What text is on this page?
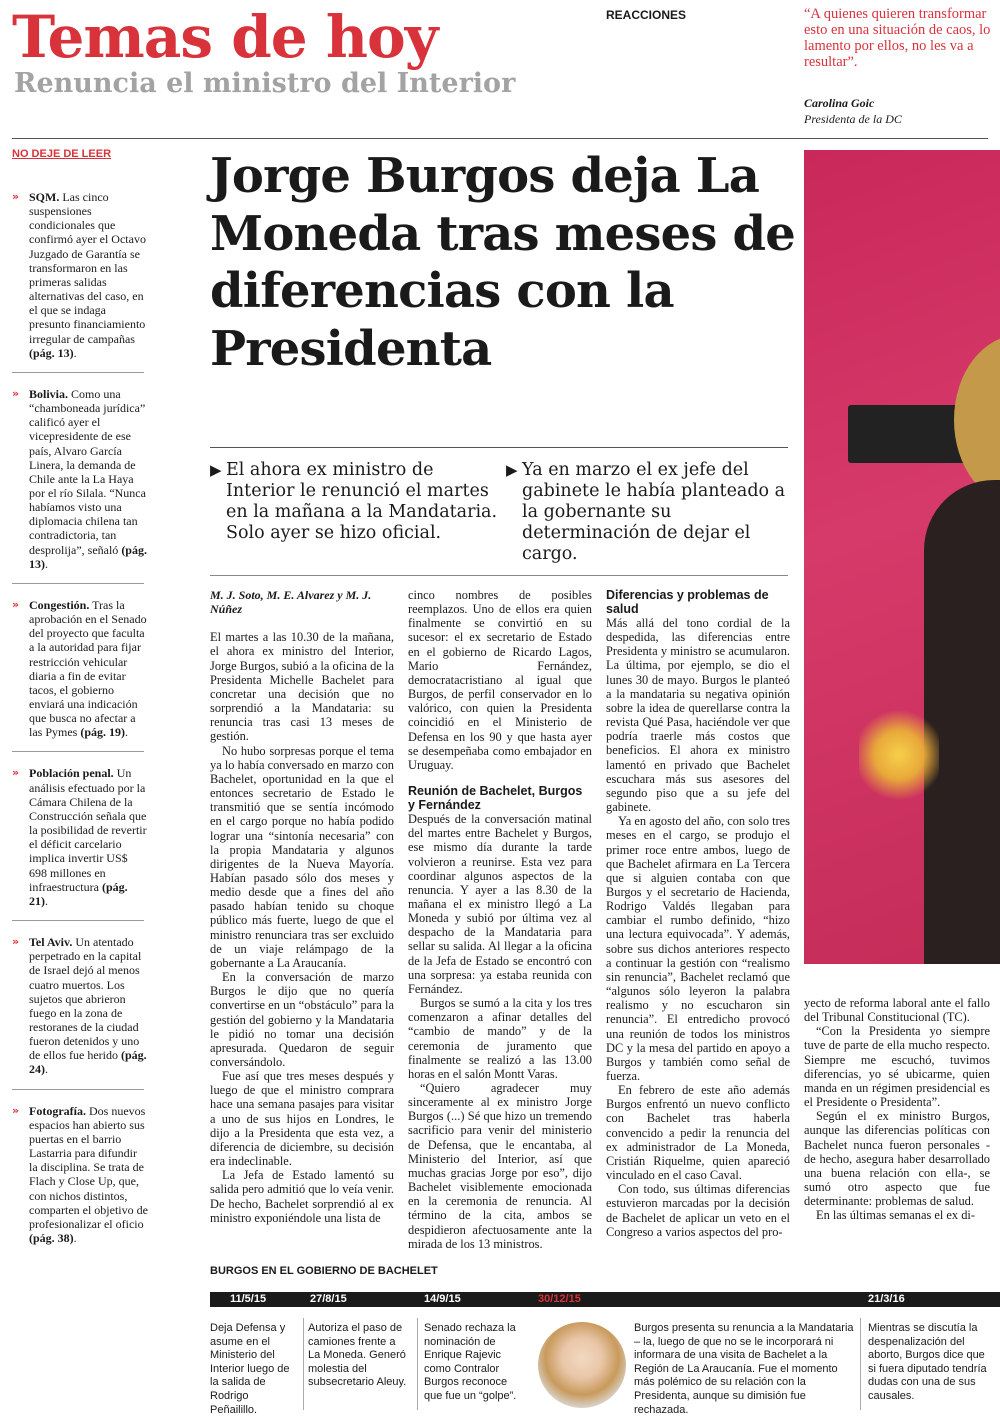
Temas de hoy
Renuncia el ministro del Interior
REACCIONES	“A quienes quieren transformar esto en una situación de caos, lo lamento por ellos, no les va a resultar”.
Carolina Goic
Presidenta de la DC
NO DEJE DE LEER
» SQM. Las cinco suspensiones condicionales que confirmó ayer el Octavo Juzgado de Garantía se transformaron en las primeras salidas alternativas del caso, en el que se indaga presunto financiamiento irregular de campañas (pág. 13).
» Bolivia. Como una “chamboneada jurídica” calificó ayer el vicepresidente de ese país, Alvaro García Linera, la demanda de Chile ante la La Haya por el río Silala. “Nunca habíamos visto una diplomacia chilena tan contradictoria, tan desprolija”, señaló (pág. 13).
» Congestión. Tras la aprobación en el Senado del proyecto que faculta a la autoridad para fijar restricción vehicular diaria a fin de evitar tacos, el gobierno enviará una indicación que busca no afectar a las Pymes (pág. 19).
» Población penal. Un análisis efectuado por la Cámara Chilena de la Construcción señala que la posibilidad de revertir el déficit carcelario implica invertir US$ 698 millones en infraestructura (pág. 21).
» Tel Aviv. Un atentado perpetrado en la capital de Israel dejó al menos cuatro muertos. Los sujetos que abrieron fuego en la zona de restoranes de la ciudad fueron detenidos y uno de ellos fue herido (pág. 24).
» Fotografía. Dos nuevos espacios han abierto sus puertas en el barrio Lastarria para difundir la disciplina. Se trata de Flach y Close Up, que, con nichos distintos, comparten el objetivo de profesionalizar el oficio (pág. 38).
Jorge Burgos deja La Moneda tras meses de diferencias con la Presidenta
▶ El ahora ex ministro de Interior le renunció el martes en la mañana a la Mandataria. Solo ayer se hizo oficial.
▶ Ya en marzo el ex jefe del gabinete le había planteado a la gobernante su determinación de dejar el cargo.
M. J. Soto, M. E. Alvarez y M. J. Núñez

El martes a las 10.30 de la mañana, el ahora ex ministro del Interior, Jorge Burgos, subió a la oficina de la Presidenta Michelle Bachelet para concretar una decisión que no sorprendió a la Mandataria: su renuncia tras casi 13 meses de gestión.

No hubo sorpresas porque el tema ya lo había conversado en marzo con Bachelet, oportunidad en la que el entonces secretario de Estado le transmitió que se sentía incómodo en el cargo porque no había podido lograr una “sintonía necesaria” con la propia Mandataria y algunos dirigentes de la Nueva Mayoría. Habían pasado sólo dos meses y medio desde que a fines del año pasado habían tenido su choque público más fuerte, luego de que el ministro renunciara tras ser excluido de un viaje relámpago de la gobernante a La Araucanía.

En la conversación de marzo Burgos le dijo que no quería convertirse en un “obstáculo” para la gestión del gobierno y la Mandataria le pidió no tomar una decisión apresurada. Quedaron de seguir conversándolo.

Fue así que tres meses después y luego de que el ministro comprara hace una semana pasajes para visitar a uno de sus hijos en Londres, le dijo a la Presidenta que esta vez, a diferencia de diciembre, su decisión era indeclinable.

La Jefa de Estado lamentó su salida pero admitió que lo veía venir. De hecho, Bachelet sorprendió al ex ministro exponiéndole una lista de

cinco nombres de posibles reemplazos. Uno de ellos era quien finalmente se convirtió en su sucesor: el ex secretario de Estado en el gobierno de Ricardo Lagos, Mario Fernández, democratacristiano al igual que Burgos, de perfil conservador en lo valórico, con quien la Presidenta coincidió en el Ministerio de Defensa en los 90 y que hasta ayer se desempeñaba como embajador en Uruguay.

Reunión de Bachelet, Burgos y Fernández

Después de la conversación matinal del martes entre Bachelet y Burgos, ese mismo día durante la tarde volvieron a reunirse. Esta vez para coordinar algunos aspectos de la renuncia. Y ayer a las 8.30 de la mañana el ex ministro llegó a La Moneda y subió por última vez al despacho de la Mandataria para sellar su salida. Al llegar a la oficina de la Jefa de Estado se encontró con una sorpresa: ya estaba reunida con Fernández.

Burgos se sumó a la cita y los tres comenzaron a afinar detalles del “cambio de mando” y de la ceremonia de juramento que finalmente se realizó a las 13.00 horas en el salón Montt Varas.

“Quiero agradecer muy sinceramente al ex ministro Jorge Burgos (...) Sé que hizo un tremendo sacrificio para venir del ministerio de Defensa, que le encantaba, al Ministerio del Interior, así que muchas gracias Jorge por eso”, dijo Bachelet visiblemente emocionada en la ceremonia de renuncia. Al término de la cita, ambos se despidieron afectuosamente ante la mirada de los 13 ministros.

Diferencias y problemas de salud

Más allá del tono cordial de la despedida, las diferencias entre Presidenta y ministro se acumularon. La última, por ejemplo, se dio el lunes 30 de mayo. Burgos le planteó a la mandataria su negativa opinión sobre la idea de querellarse contra la revista Qué Pasa, haciéndole ver que podría traerle más costos que beneficios. El ahora ex ministro lamentó en privado que Bachelet escuchara más sus asesores del segundo piso que a su jefe del gabinete.

Ya en agosto del año, con solo tres meses en el cargo, se produjo el primer roce entre ambos, luego de que Bachelet afirmara en La Tercera que si alguien contaba con que Burgos y el secretario de Hacienda, Rodrigo Valdés llegaban para cambiar el rumbo definido, “hizo una lectura equivocada”. Y además, sobre sus dichos anteriores respecto a continuar la gestión con “realismo sin renuncia”, Bachelet reclamó que “algunos sólo leyeron la palabra realismo y no escucharon sin renuncia”. El entredicho provocó una reunión de todos los ministros DC y la mesa del partido en apoyo a Burgos y también como señal de fuerza.

En febrero de este año además Burgos enfrentó un nuevo conflicto con Bachelet tras haberla convencido a pedir la renuncia del ex administrador de La Moneda, Cristián Riquelme, quien apareció vinculado en el caso Caval.

Con todo, sus últimas diferencias estuvieron marcadas por la decisión de Bachelet de aplicar un veto en el Congreso a varios aspectos del pro-

yecto de reforma laboral ante el fallo del Tribunal Constitucional (TC).

“Con la Presidenta yo siempre tuve de parte de ella mucho respecto. Siempre me escuchó, tuvimos diferencias, yo sé ubicarme, quien manda en un régimen presidencial es el Presidente o Presidenta”.

Según el ex ministro Burgos, aunque las diferencias políticas con Bachelet nunca fueron personales - de hecho, asegura haber desarrollado una buena relación con ella-, se sumó otro aspecto que fue determinante: problemas de salud.

En las últimas semanas el ex di-

BURGOS EN EL GOBIERNO DE BACHELET
11/5/15	27/8/15	14/9/15	30/12/15	21/3/16
Deja Defensa y asume en el Ministerio del Interior luego de la salida de Rodrigo Peñailillo.
Autoriza el paso de camiones frente a La Moneda. Generó molestia del subsecretario Aleuy.
Senado rechaza la nominación de Enrique Rajevic como Contralor Burgos reconoce que fue un “golpe”.
Burgos presenta su renuncia a la Mandataria – la, luego de que no se le incorporará ni informara de una visita de Bachelet a la Región de La Araucanía. Fue el momento más polémico de su relación con la Presidenta, aunque su dimisión fue rechazada.
Mientras se discutía la despenalización del aborto, Burgos dice que si fuera diputado tendría dudas con una de sus causales.
